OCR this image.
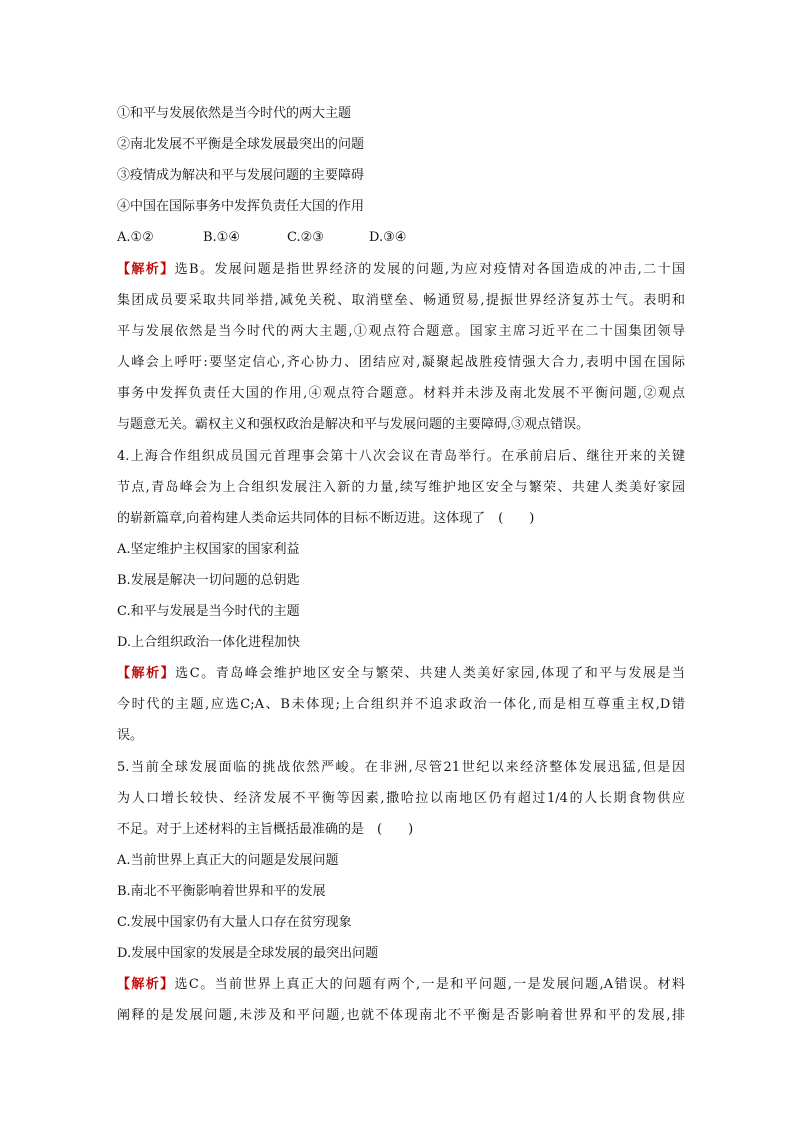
①和平与发展依然是当今时代的两大主题
②南北发展不平衡是全球发展最突出的问题
③疫情成为解决和平与发展问题的主要障碍
④中国在国际事务中发挥负责任大国的作用
A.①②	B.①④	C.②③	D.③④
【解析】选B。发展问题是指世界经济的发展的问题,为应对疫情对各国造成的冲击,二十国
集团成员要采取共同举措,减免关税、取消壁垒、畅通贸易,提振世界经济复苏士气。表明和
平与发展依然是当今时代的两大主题,①观点符合题意。国家主席习近平在二十国集团领导
人峰会上呼吁:要坚定信心,齐心协力、团结应对,凝聚起战胜疫情强大合力,表明中国在国际
事务中发挥负责任大国的作用,④观点符合题意。材料并未涉及南北发展不平衡问题,②观点
与题意无关。霸权主义和强权政治是解决和平与发展问题的主要障碍,③观点错误。
4.上海合作组织成员国元首理事会第十八次会议在青岛举行。在承前启后、继往开来的关键
节点,青岛峰会为上合组织发展注入新的力量,续写维护地区安全与繁荣、共建人类美好家园
的崭新篇章,向着构建人类命运共同体的目标不断迈进。这体现了　(　　)
A.坚定维护主权国家的国家利益
B.发展是解决一切问题的总钥匙
C.和平与发展是当今时代的主题
D.上合组织政治一体化进程加快
【解析】选C。青岛峰会维护地区安全与繁荣、共建人类美好家园,体现了和平与发展是当
今时代的主题,应选C;A、B未体现;上合组织并不追求政治一体化,而是相互尊重主权,D错
误。
5.当前全球发展面临的挑战依然严峻。在非洲,尽管21世纪以来经济整体发展迅猛,但是因
为人口增长较快、经济发展不平衡等因素,撒哈拉以南地区仍有超过1/4的人长期食物供应
不足。对于上述材料的主旨概括最准确的是　(　　)
A.当前世界上真正大的问题是发展问题
B.南北不平衡影响着世界和平的发展
C.发展中国家仍有大量人口存在贫穷现象
D.发展中国家的发展是全球发展的最突出问题
【解析】选C。当前世界上真正大的问题有两个,一是和平问题,一是发展问题,A错误。材料
阐释的是发展问题,未涉及和平问题,也就不体现南北不平衡是否影响着世界和平的发展,排
